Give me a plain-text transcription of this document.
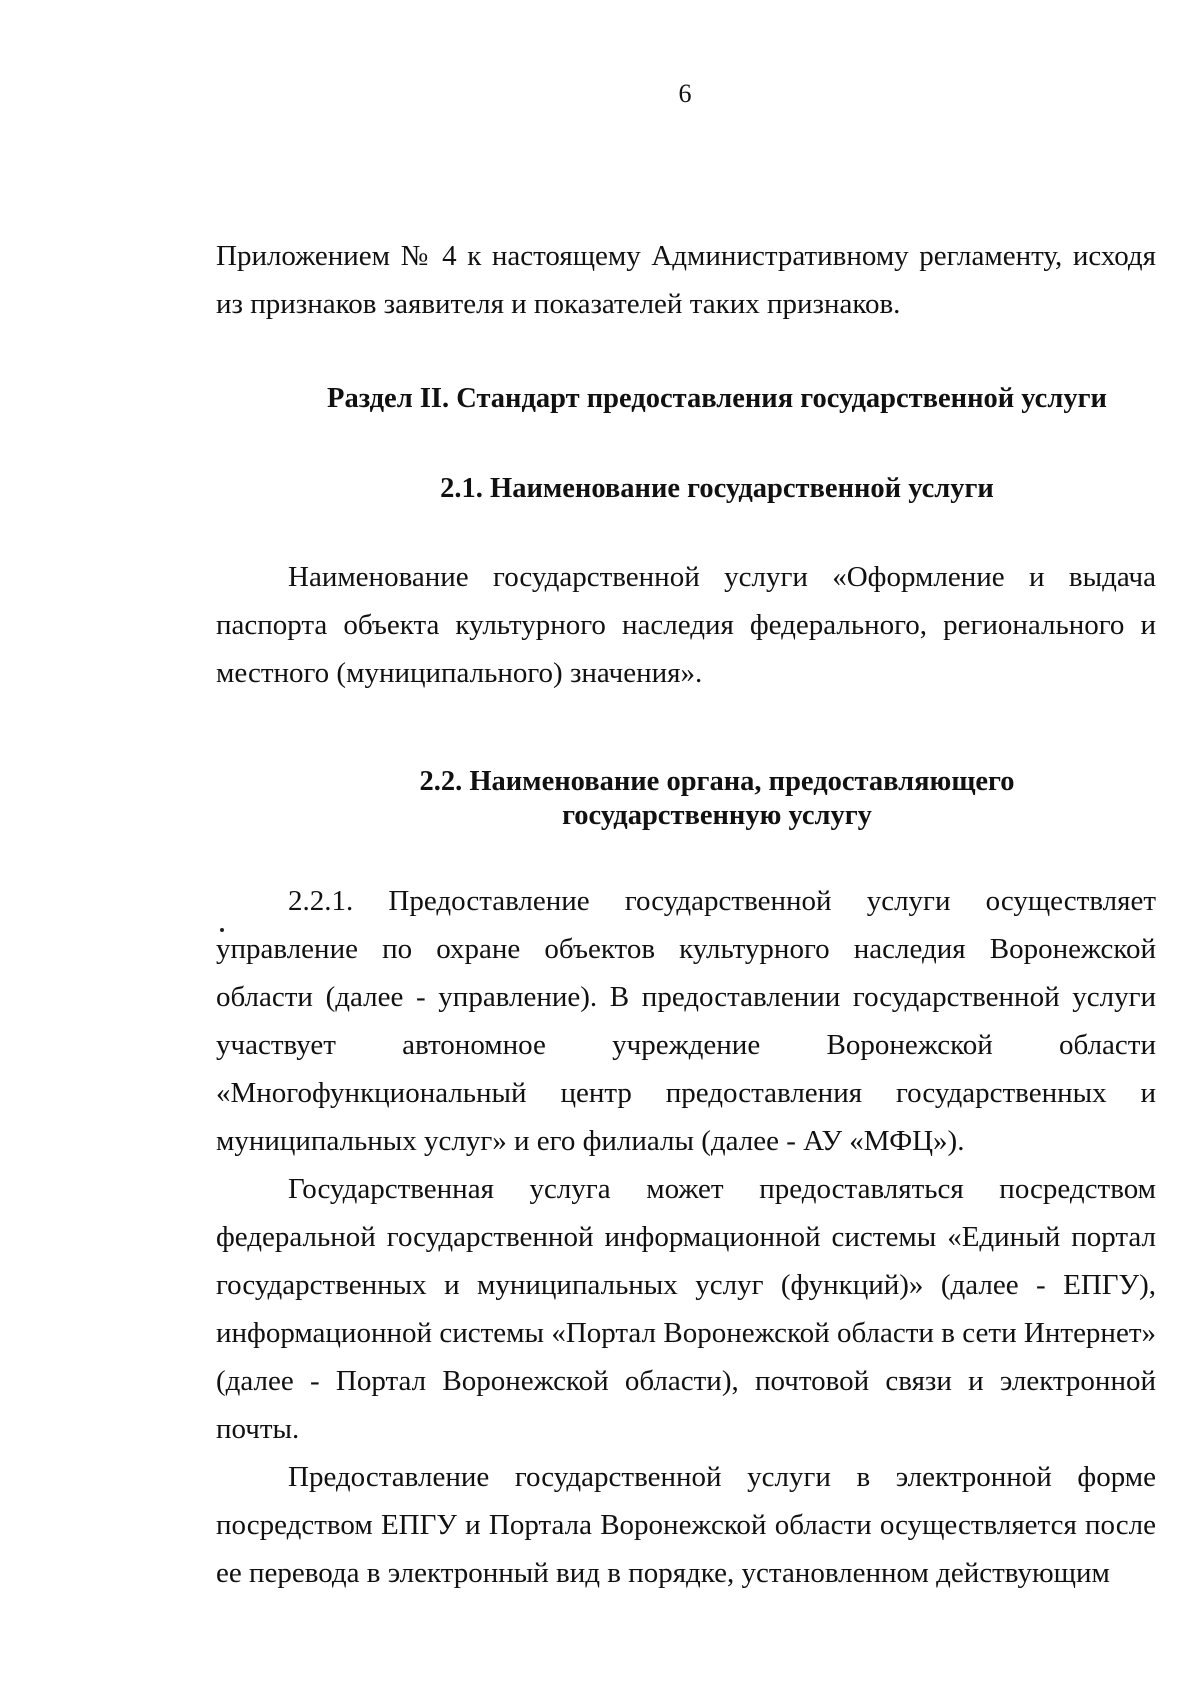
6

Приложением № 4 к настоящему Административному регламенту, исходя из признаков заявителя и показателей таких признаков.

Раздел II. Стандарт предоставления государственной услуги
2.1. Наименование государственной услуги

Наименование государственной услуги «Оформление и выдача паспорта объекта культурного наследия федерального, регионального и местного (муниципального) значения».

2.2. Наименование органа, предоставляющего
государственную услугу
2.2.1. Предоставление государственной услуги осуществляет

управление по охране объектов культурного наследия Воронежской области (далее - управление). В предоставлении государственной услуги участвует автономное учреждение Воронежской области «Многофункциональный центр предоставления государственных и муниципальных услуг» и его филиалы (далее - АУ «МФЦ»).

Государственная услуга может предоставляться посредством федеральной государственной информационной системы «Единый портал государственных и муниципальных услуг (функций)» (далее - ЕПГУ), информационной системы «Портал Воронежской области в сети Интернет» (далее - Портал Воронежской области), почтовой связи и электронной почты.

Предоставление государственной услуги в электронной форме посредством ЕПГУ и Портала Воронежской области осуществляется после ее перевода в электронный вид в порядке, установленном действующим
